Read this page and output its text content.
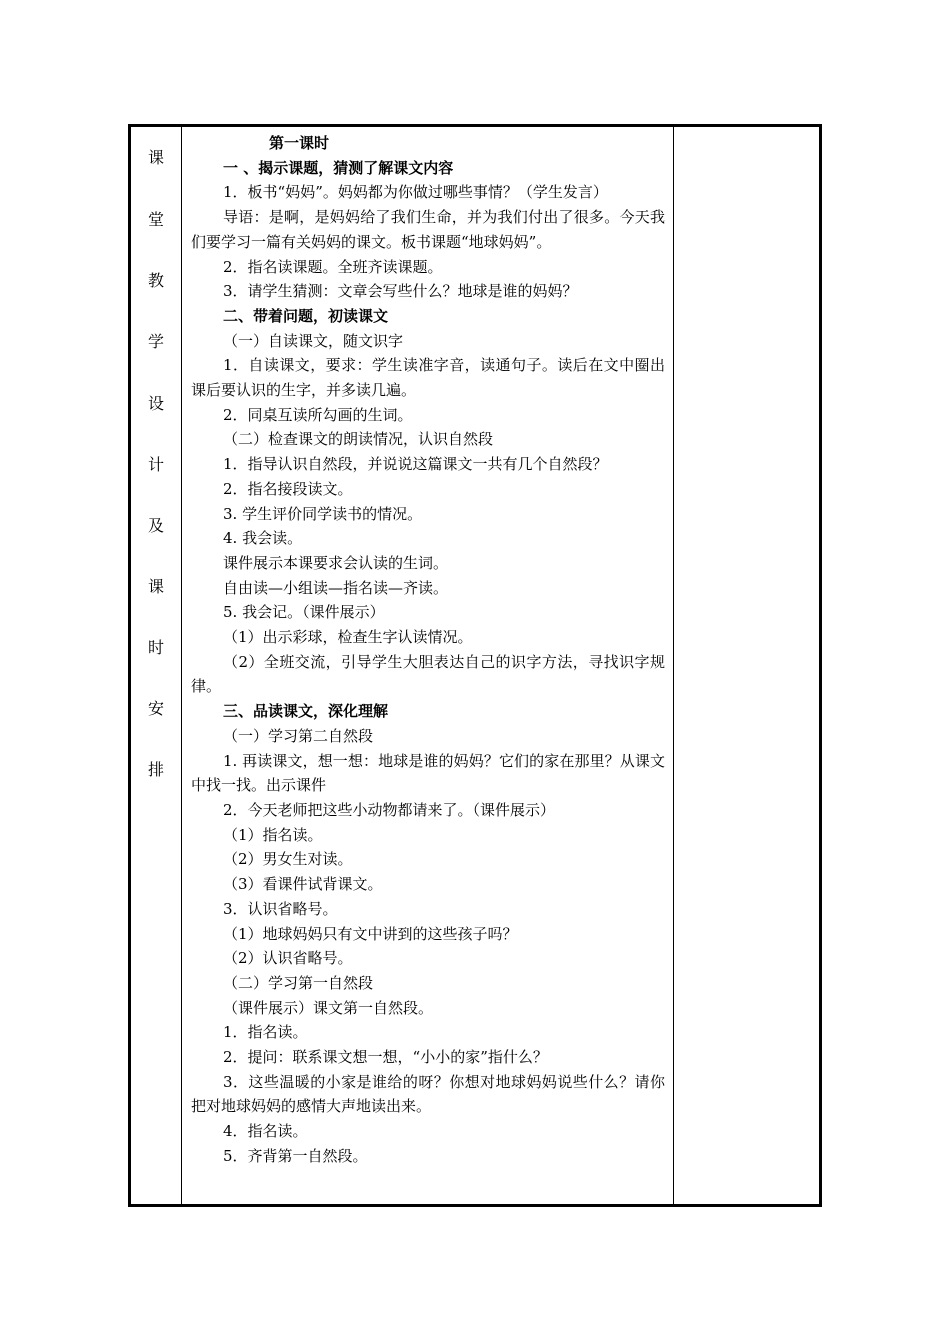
课
堂
教
学
设
计
及
课
时
安
排
第一课时
一 、揭示课题，猜测了解课文内容
1．板书“妈妈”。妈妈都为你做过哪些事情？（学生发言）
导语：是啊，是妈妈给了我们生命，并为我们付出了很多。今天我们要学习一篇有关妈妈的课文。板书课题“地球妈妈”。
2．指名读课题。全班齐读课题。
3．请学生猜测：文章会写些什么？地球是谁的妈妈？
二、带着问题，初读课文
（一）自读课文，随文识字
1．自读课文，要求：学生读准字音，读通句子。读后在文中圈出课后要认识的生字，并多读几遍。
2．同桌互读所勾画的生词。
（二）检查课文的朗读情况，认识自然段
1．指导认识自然段，并说说这篇课文一共有几个自然段？
2．指名接段读文。
3. 学生评价同学读书的情况。
4. 我会读。
课件展示本课要求会认读的生词。
自由读—小组读—指名读—齐读。
5. 我会记。（课件展示）
（1）出示彩球，检查生字认读情况。
（2）全班交流，引导学生大胆表达自己的识字方法，寻找识字规律。
三、品读课文，深化理解
（一）学习第二自然段
1. 再读课文，想一想：地球是谁的妈妈？它们的家在那里？从课文中找一找。出示课件
2．今天老师把这些小动物都请来了。（课件展示）
（1）指名读。
（2）男女生对读。
（3）看课件试背课文。
3．认识省略号。
（1）地球妈妈只有文中讲到的这些孩子吗？
（2）认识省略号。
（二）学习第一自然段
（课件展示）课文第一自然段。
1．指名读。
2．提问：联系课文想一想，“小小的家”指什么？
3．这些温暖的小家是谁给的呀？你想对地球妈妈说些什么？请你把对地球妈妈的感情大声地读出来。
4．指名读。
5．齐背第一自然段。
